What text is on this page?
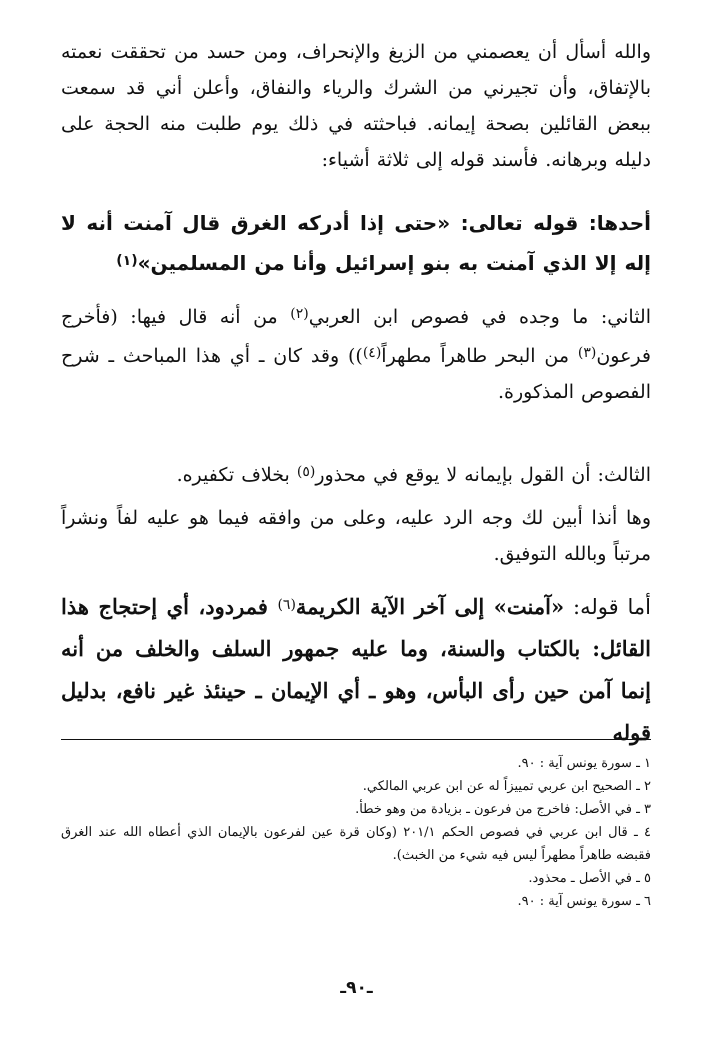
والله أسأل أن يعصمني من الزيغ والإنحراف، ومن حسد من تحققت نعمته بالإتفاق، وأن تجيرني من الشرك والرياء والنفاق، وأعلن أني قد سمعت ببعض القائلين بصحة إيمانه. فباحثته في ذلك يوم طلبت منه الحجة على دليله وبرهانه. فأسند قوله إلى ثلاثة أشياء:

أحدها: قوله تعالى: «حتى إذا أدركه الغرق قال آمنت أنه لا إله إلا الذي آمنت به بنو إسرائيل وأنا من المسلمين»$^{(١)}$

الثاني: ما وجده في فصوص ابن العربي$^{(٢)}$ من أنه قال فيها: (فأخرج فرعون$^{(٣)}$ من البحر طاهراً مطهراً$^{(٤)}$)) وقد كان ـ أي هذا المباحث ـ شرح الفصوص المذكورة.

الثالث: أن القول بإيمانه لا يوقع في محذور$^{(٥)}$ بخلاف تكفيره.

وها أنذا أبين لك وجه الرد عليه، وعلى من وافقه فيما هو عليه لفاً ونشراً مرتباً وبالله التوفيق.

أما قوله: «آمنت» إلى آخر الآية الكريمة$^{(٦)}$ فمردود، أي إحتجاج هذا القائل: بالكتاب والسنة، وما عليه جمهور السلف والخلف من أنه إنما آمن حين رأى البأس، وهو ـ أي الإيمان ـ حينئذ غير نافع، بدليل قوله

١ ـ سورة يونس آية : ٩٠.
٢ ـ الصحيح ابن عربي تمييزاً له عن ابن عربي المالكي.
٣ ـ في الأصل: فاخرج من فرعون ـ بزيادة من وهو خطأ.
٤ ـ قال ابن عربي في فصوص الحكم ٢٠١/١ (وكان قرة عين لفرعون بالإيمان الذي أعطاه الله عند الغرق فقبضه طاهراً مطهراً ليس فيه شيء من الخبث).
٥ ـ في الأصل ـ محذود.
٦ ـ سورة يونس آية : ٩٠.
ـ٩٠ـ
